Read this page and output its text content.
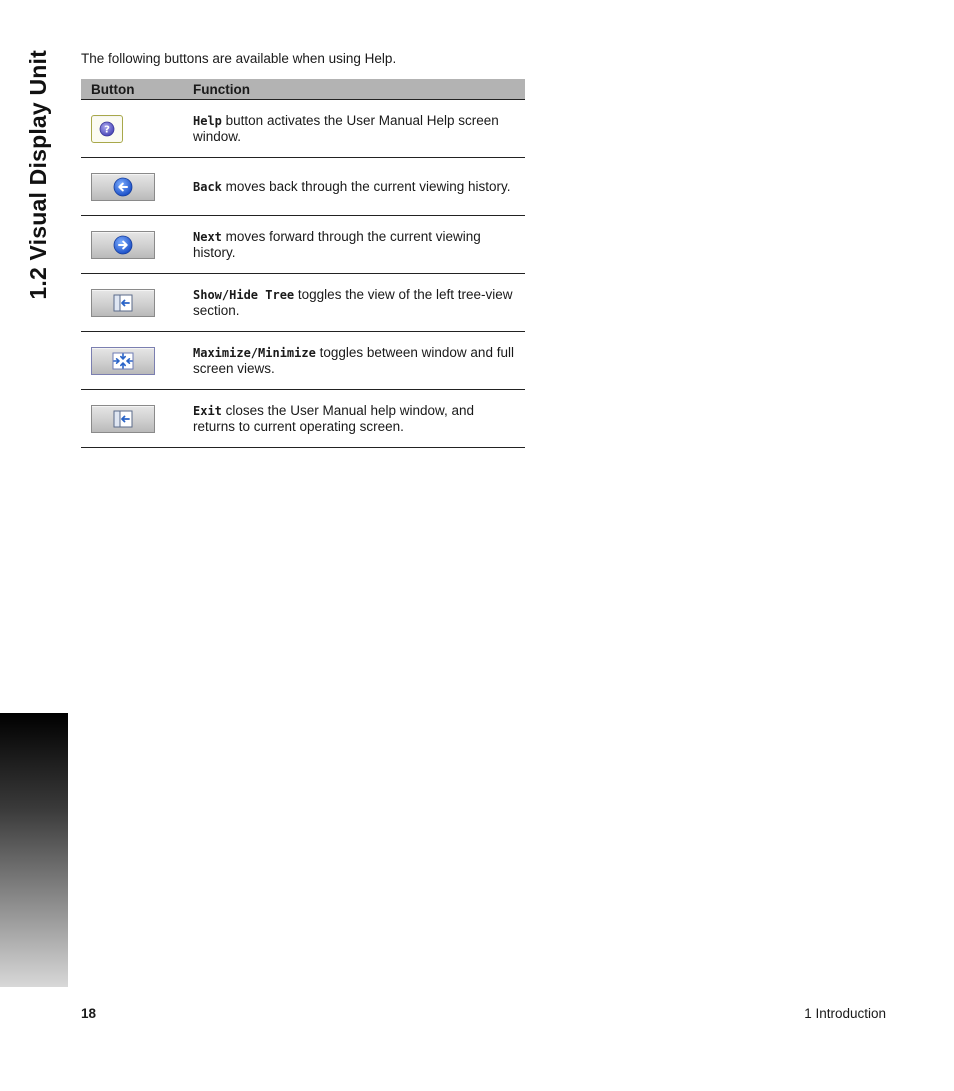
1.2 Visual Display Unit	The following buttons are available when using Help.
Button	Function

?	Help button activates the User Manual Help screen window.

	Back moves back through the current viewing history.

	Next moves forward through the current viewing history.

	Show/Hide Tree toggles the view of the left tree-view section.

	Maximize/Minimize toggles between window and full screen views.

	Exit closes the User Manual help window, and returns to current operating screen.
18	1 Introduction
